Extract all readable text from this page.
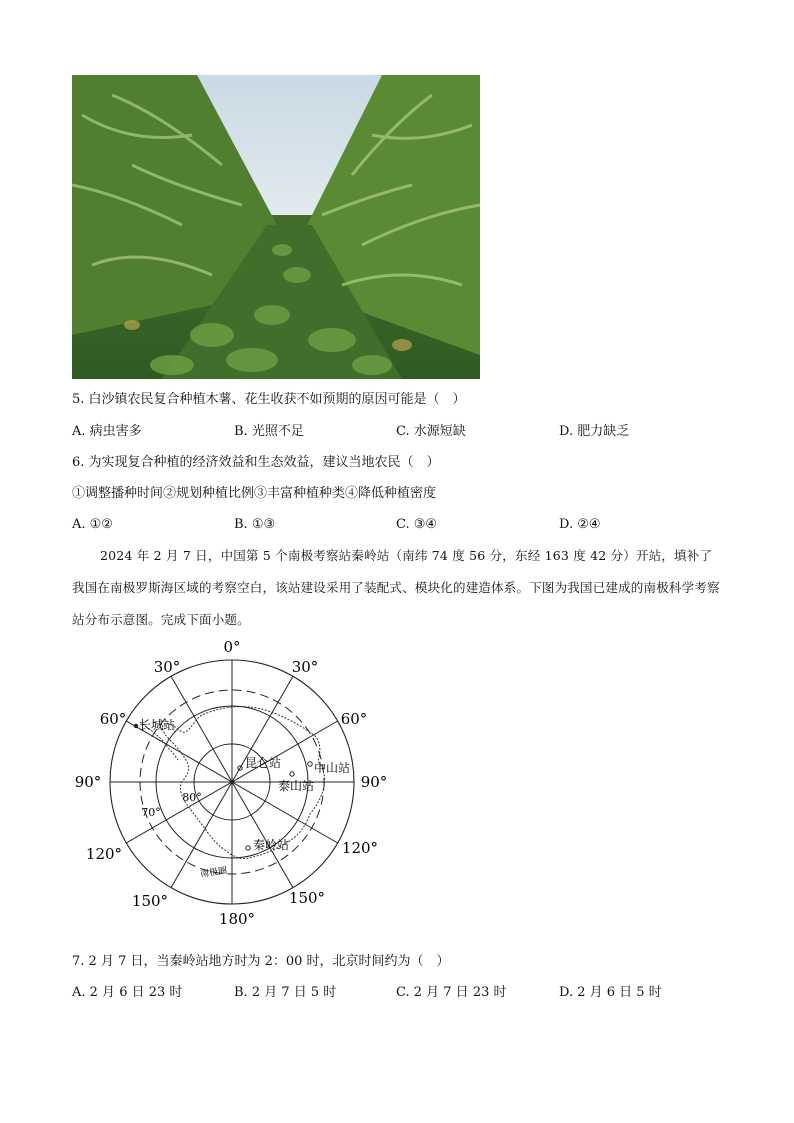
5. 白沙镇农民复合种植木薯、花生收获不如预期的原因可能是（　）
A. 病虫害多	B. 光照不足	C. 水源短缺	D. 肥力缺乏
6. 为实现复合种植的经济效益和生态效益，建议当地农民（　）
①调整播种时间②规划种植比例③丰富种植种类④降低种植密度
A. ①②	B. ①③	C. ③④	D. ②④
2024 年 2 月 7 日，中国第 5 个南极考察站秦岭站（南纬 74 度 56 分，东经 163 度 42 分）开站，填补了我国在南极罗斯海区域的考察空白，该站建设采用了装配式、模块化的建造体系。下图为我国已建成的南极科学考察站分布示意图。完成下面小题。
0°
30°	30°
60°	60°
90°	90°
120°	120°
150°	150°
180°
80°
70°
南极圈
长城站
昆仑站	中山站
泰山站
秦岭站
7. 2 月 7 日，当秦岭站地方时为 2：00 时，北京时间约为（　）
A. 2 月 6 日 23 时	B. 2 月 7 日 5 时	C. 2 月 7 日 23 时	D. 2 月 6 日 5 时
